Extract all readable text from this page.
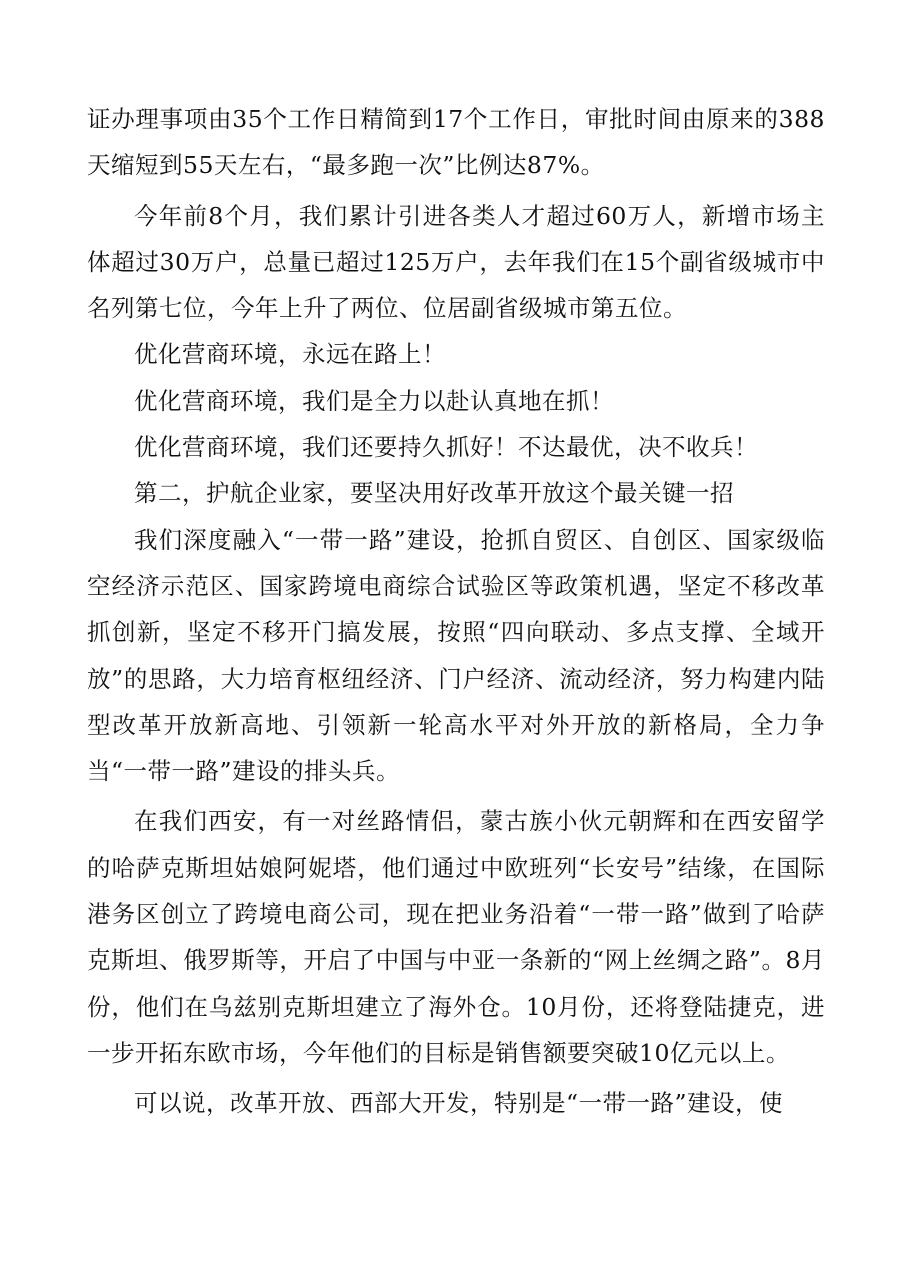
证办理事项由35个工作日精简到17个工作日，审批时间由原来的388天缩短到55天左右，“最多跑一次”比例达87%。

今年前8个月，我们累计引进各类人才超过60万人，新增市场主体超过30万户，总量已超过125万户，去年我们在15个副省级城市中名列第七位，今年上升了两位、位居副省级城市第五位。

优化营商环境，永远在路上！

优化营商环境，我们是全力以赴认真地在抓！

优化营商环境，我们还要持久抓好！不达最优，决不收兵！

第二，护航企业家，要坚决用好改革开放这个最关键一招

我们深度融入“一带一路”建设，抢抓自贸区、自创区、国家级临空经济示范区、国家跨境电商综合试验区等政策机遇，坚定不移改革抓创新，坚定不移开门搞发展，按照“四向联动、多点支撑、全域开放”的思路，大力培育枢纽经济、门户经济、流动经济，努力构建内陆型改革开放新高地、引领新一轮高水平对外开放的新格局，全力争当“一带一路”建设的排头兵。

在我们西安，有一对丝路情侣，蒙古族小伙元朝辉和在西安留学的哈萨克斯坦姑娘阿妮塔，他们通过中欧班列“长安号”结缘，在国际港务区创立了跨境电商公司，现在把业务沿着“一带一路”做到了哈萨克斯坦、俄罗斯等，开启了中国与中亚一条新的“网上丝绸之路”。8月份，他们在乌兹别克斯坦建立了海外仓。10月份，还将登陆捷克，进一步开拓东欧市场，今年他们的目标是销售额要突破10亿元以上。

可以说，改革开放、西部大开发，特别是“一带一路”建设，使
